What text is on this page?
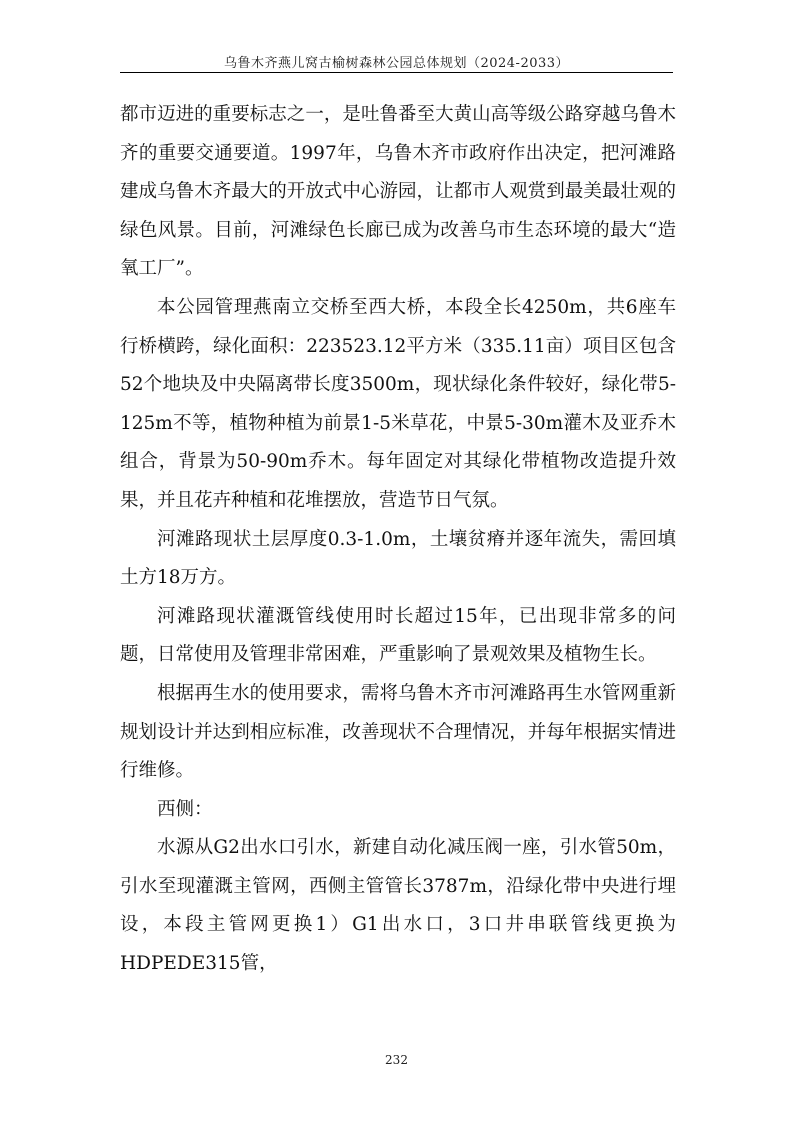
乌鲁木齐燕儿窝古榆树森林公园总体规划（2024-2033）

都市迈进的重要标志之一，是吐鲁番至大黄山高等级公路穿越乌鲁木齐的重要交通要道。1997年，乌鲁木齐市政府作出决定，把河滩路建成乌鲁木齐最大的开放式中心游园，让都市人观赏到最美最壮观的绿色风景。目前，河滩绿色长廊已成为改善乌市生态环境的最大“造氧工厂”。

本公园管理燕南立交桥至西大桥，本段全长4250m，共6座车行桥横跨，绿化面积：223523.12平方米（335.11亩）项目区包含52个地块及中央隔离带长度3500m，现状绿化条件较好，绿化带5-125m不等，植物种植为前景1-5米草花，中景5-30m灌木及亚乔木组合，背景为50-90m乔木。每年固定对其绿化带植物改造提升效果，并且花卉种植和花堆摆放，营造节日气氛。

河滩路现状土层厚度0.3-1.0m，土壤贫瘠并逐年流失，需回填土方18万方。

河滩路现状灌溉管线使用时长超过15年，已出现非常多的问题，日常使用及管理非常困难，严重影响了景观效果及植物生长。

根据再生水的使用要求，需将乌鲁木齐市河滩路再生水管网重新规划设计并达到相应标准，改善现状不合理情况，并每年根据实情进行维修。

西侧：

水源从G2出水口引水，新建自动化减压阀一座，引水管50m，引水至现灌溉主管网，西侧主管管长3787m，沿绿化带中央进行埋设，本段主管网更换1）G1出水口，3口井串联管线更换为HDPEDE315管，

232
